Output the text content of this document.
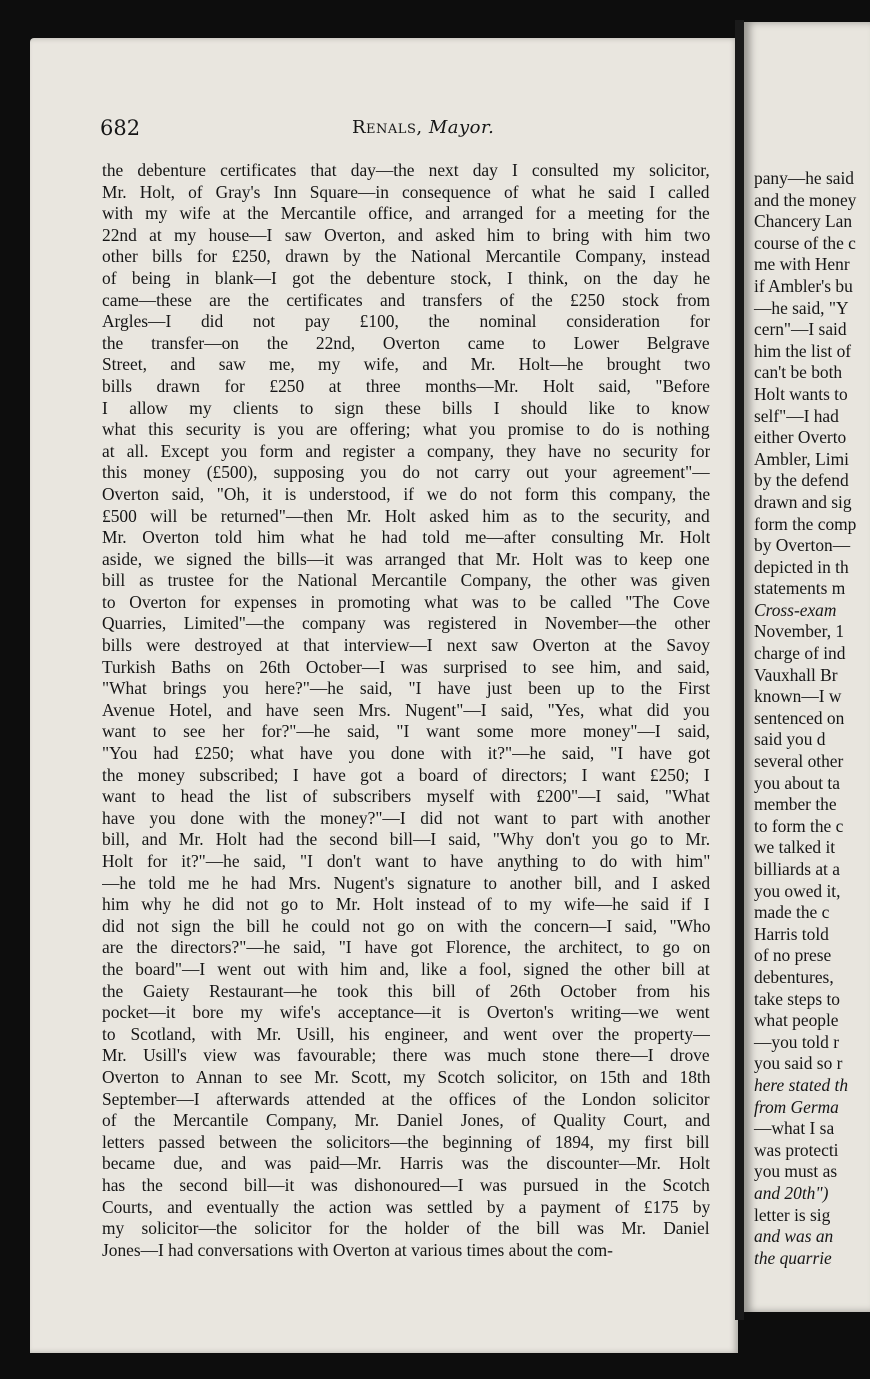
pany—he said
and the money
Chancery Lan
course of the c
me with Henr
if Ambler's bu
—he said, "Y
cern"—I said
him the list of
can't be both
Holt wants to
self"—I had
either Overto
Ambler, Limi
by the defend
drawn and sig
form the comp
by Overton—
depicted in th
statements m
Cross-exam
November, 1
charge of ind
Vauxhall Br
known—I w
sentenced on
said you d
several other
you about ta
member the
to form the c
we talked it
billiards at a
you owed it,
made the c
Harris told
of no prese
debentures,
take steps to
what people
—you told r
you said so r
here stated th
from Germa
—what I sa
was protecti
you must as
and 20th")
letter is sig
and was an
the quarrie
682	Renals, Mayor.
the debenture certificates that day—the next day I consulted my solicitor,
Mr. Holt, of Gray's Inn Square—in consequence of what he said I called
with my wife at the Mercantile office, and arranged for a meeting for the
22nd at my house—I saw Overton, and asked him to bring with him two
other bills for £250, drawn by the National Mercantile Company, instead
of being in blank—I got the debenture stock, I think, on the day he
came—these are the certificates and transfers of the £250 stock from
Argles—I did not pay £100, the nominal consideration for
the transfer—on the 22nd, Overton came to Lower Belgrave
Street, and saw me, my wife, and Mr. Holt—he brought two
bills drawn for £250 at three months—Mr. Holt said, "Before
I allow my clients to sign these bills I should like to know
what this security is you are offering; what you promise to do is nothing
at all. Except you form and register a company, they have no security for
this money (£500), supposing you do not carry out your agreement"—
Overton said, "Oh, it is understood, if we do not form this company, the
£500 will be returned"—then Mr. Holt asked him as to the security, and
Mr. Overton told him what he had told me—after consulting Mr. Holt
aside, we signed the bills—it was arranged that Mr. Holt was to keep one
bill as trustee for the National Mercantile Company, the other was given
to Overton for expenses in promoting what was to be called "The Cove
Quarries, Limited"—the company was registered in November—the other
bills were destroyed at that interview—I next saw Overton at the Savoy
Turkish Baths on 26th October—I was surprised to see him, and said,
"What brings you here?"—he said, "I have just been up to the First
Avenue Hotel, and have seen Mrs. Nugent"—I said, "Yes, what did you
want to see her for?"—he said, "I want some more money"—I said,
"You had £250; what have you done with it?"—he said, "I have got
the money subscribed; I have got a board of directors; I want £250; I
want to head the list of subscribers myself with £200"—I said, "What
have you done with the money?"—I did not want to part with another
bill, and Mr. Holt had the second bill—I said, "Why don't you go to Mr.
Holt for it?"—he said, "I don't want to have anything to do with him"
—he told me he had Mrs. Nugent's signature to another bill, and I asked
him why he did not go to Mr. Holt instead of to my wife—he said if I
did not sign the bill he could not go on with the concern—I said, "Who
are the directors?"—he said, "I have got Florence, the architect, to go on
the board"—I went out with him and, like a fool, signed the other bill at
the Gaiety Restaurant—he took this bill of 26th October from his
pocket—it bore my wife's acceptance—it is Overton's writing—we went
to Scotland, with Mr. Usill, his engineer, and went over the property—
Mr. Usill's view was favourable; there was much stone there—I drove
Overton to Annan to see Mr. Scott, my Scotch solicitor, on 15th and 18th
September—I afterwards attended at the offices of the London solicitor
of the Mercantile Company, Mr. Daniel Jones, of Quality Court, and
letters passed between the solicitors—the beginning of 1894, my first bill
became due, and was paid—Mr. Harris was the discounter—Mr. Holt
has the second bill—it was dishonoured—I was pursued in the Scotch
Courts, and eventually the action was settled by a payment of £175 by
my solicitor—the solicitor for the holder of the bill was Mr. Daniel
Jones—I had conversations with Overton at various times about the com-
